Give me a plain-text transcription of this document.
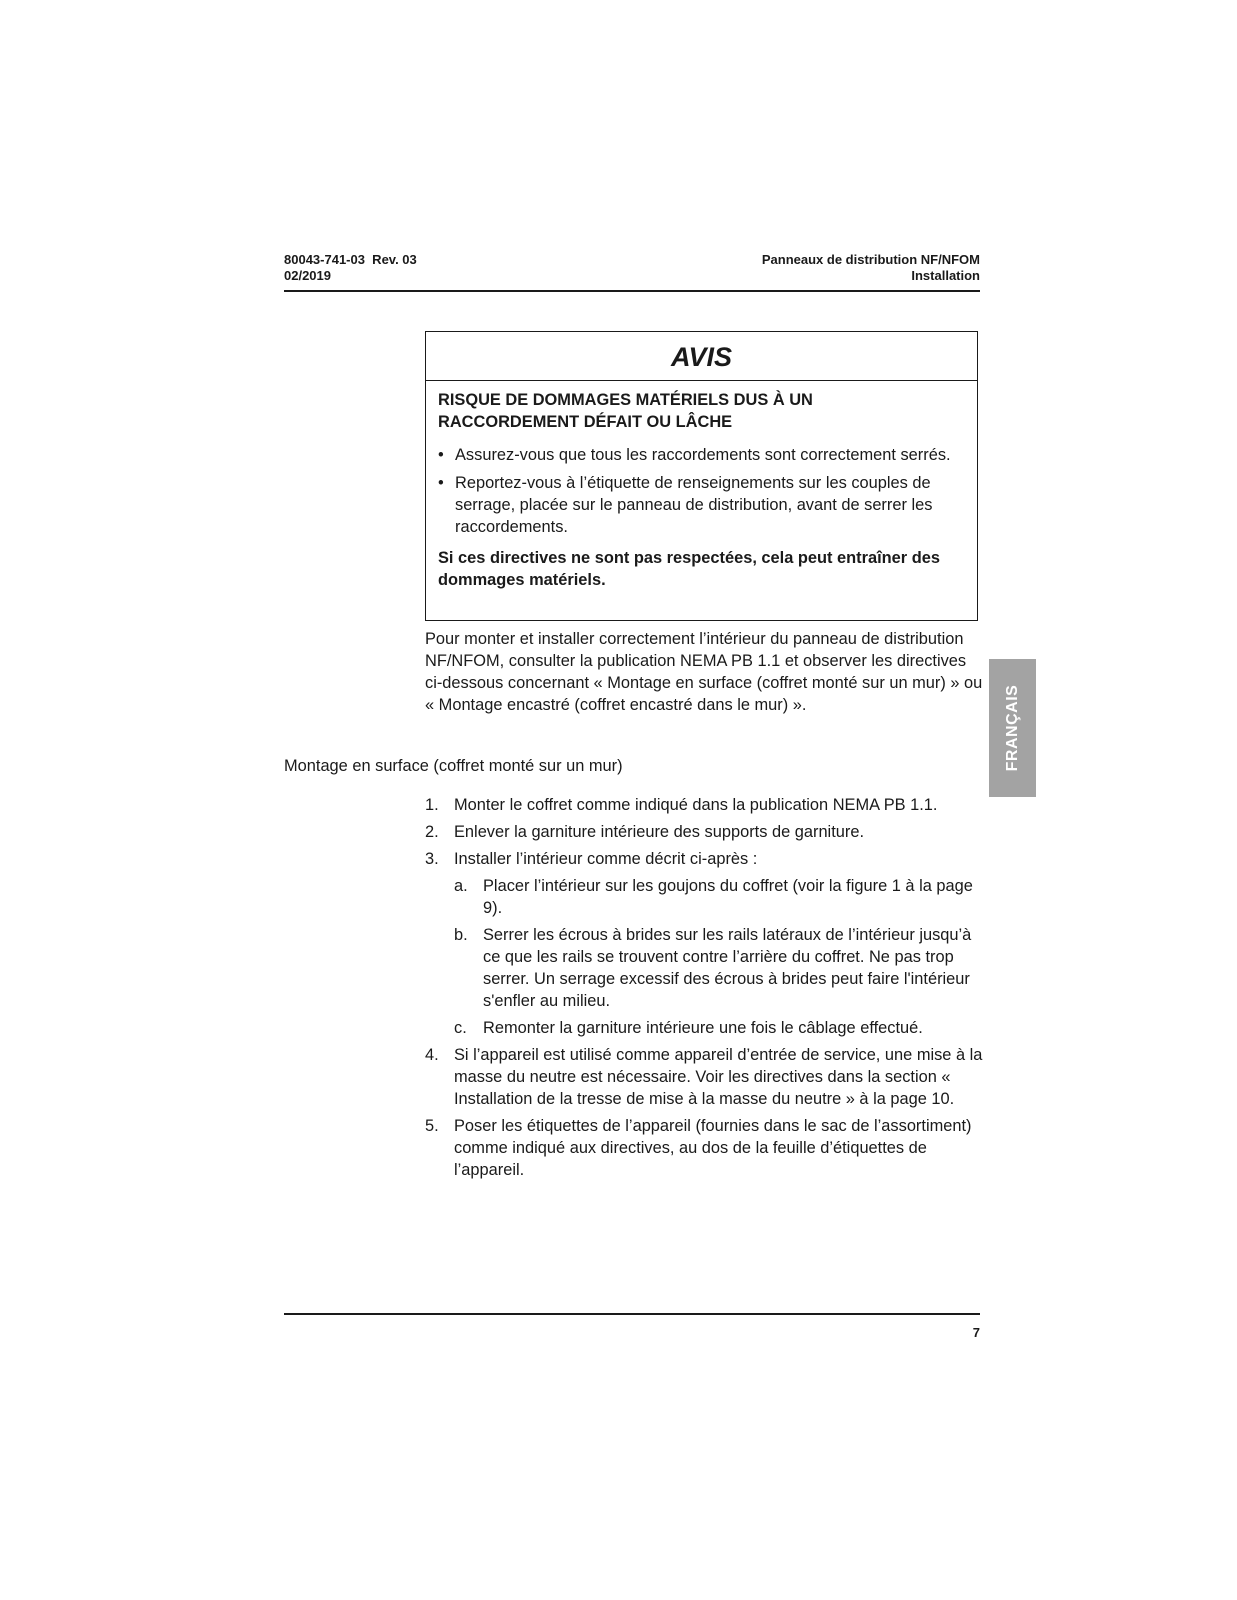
80043-741-03  Rev. 03
02/2019
Panneaux de distribution NF/NFOM
Installation
AVIS
RISQUE DE DOMMAGES MATÉRIELS DUS À UN
RACCORDEMENT DÉFAIT OU LÂCHE
• Assurez-vous que tous les raccordements sont correctement serrés.
• Reportez-vous à l’étiquette de renseignements sur les couples de serrage, placée sur le panneau de distribution, avant de serrer les raccordements.
Si ces directives ne sont pas respectées, cela peut entraîner des dommages matériels.
Pour monter et installer correctement l’intérieur du panneau de distribution NF/NFOM, consulter la publication NEMA PB 1.1 et observer les directives ci-dessous concernant « Montage en surface (coffret monté sur un mur) » ou « Montage encastré (coffret encastré dans le mur) ».
Montage en surface (coffret monté sur un mur)
1. Monter le coffret comme indiqué dans la publication NEMA PB 1.1.
2. Enlever la garniture intérieure des supports de garniture.
3. Installer l’intérieur comme décrit ci-après :
a. Placer l’intérieur sur les goujons du coffret (voir la figure 1 à la page 9).
b. Serrer les écrous à brides sur les rails latéraux de l’intérieur jusqu’à ce que les rails se trouvent contre l’arrière du coffret. Ne pas trop serrer. Un serrage excessif des écrous à brides peut faire l'intérieur s'enfler au milieu.
c. Remonter la garniture intérieure une fois le câblage effectué.
4. Si l’appareil est utilisé comme appareil d’entrée de service, une mise à la masse du neutre est nécessaire. Voir les directives dans la section « Installation de la tresse de mise à la masse du neutre » à la page 10.
5. Poser les étiquettes de l’appareil (fournies dans le sac de l’assortiment) comme indiqué aux directives, au dos de la feuille d’étiquettes de l’appareil.
FRANÇAIS
7
